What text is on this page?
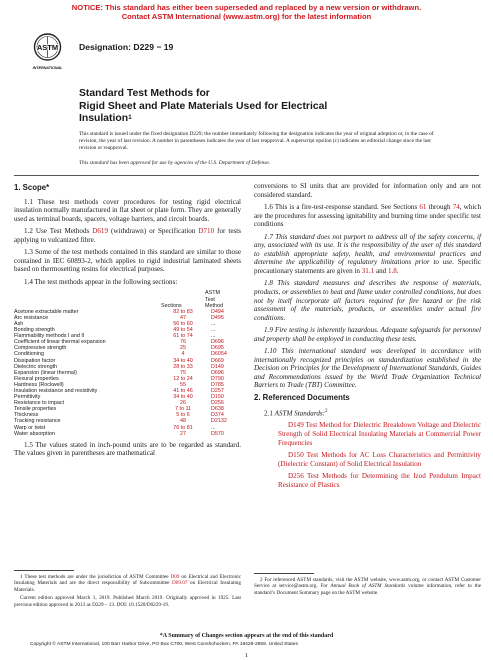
NOTICE: This standard has either been superseded and replaced by a new version or withdrawn.
Contact ASTM International (www.astm.org) for the latest information
ASTM
INTERNATIONAL
Designation: D229 − 19
Standard Test Methods for
Rigid Sheet and Plate Materials Used for Electrical
Insulation$^1$
This standard is issued under the fixed designation D229; the number immediately following the designation indicates the year of original adoption or, in the case of revision, the year of last revision. A number in parentheses indicates the year of last reapproval. A superscript epsilon (ε) indicates an editorial change since the last revision or reapproval.
This standard has been approved for use by agencies of the U.S. Department of Defense.
1. Scope*

1.1 These test methods cover procedures for testing rigid electrical insulation normally manufactured in flat sheet or plate form. They are generally used as terminal boards, spacers, voltage barriers, and circuit boards.

1.2 Use Test Methods D619 (withdrawn) or Specification D710 for tests applying to vulcanized fibre.

1.3 Some of the test methods contained in this standard are similar to those contained in IEC 60893-2, which applies to rigid industrial laminated sheets based on thermosetting resins for electrical purposes.

1.4 The test methods appear in the following sections:

		ASTM
		Test
	Sections	Method
Acetone extractable matter	82 to 83	D494
Arc resistance	47	D495
Ash	56 to 60	...
Bonding strength	49 to 54	...
Flammability methods I and II	61 to 74	...
Coefficient of linear thermal expansion	76	D696
Compressive strength	25	D695
Conditioning	4	D6054
Dissipation factor	34 to 40	D669
Dielectric strength	28 to 33	D149
Expansion (linear thermal)	75	D696
Flexural properties	12 to 24	D790
Hardness (Rockwell)	55	D785
Insulation resistance and resistivity	41 to 46	D257
Permittivity	34 to 40	D150
Resistance to impact	26	D256
Tensile properties	7 to 11	D638
Thickness	5 to 6	D374
Tracking resistance	48	D2132
Warp or twist	76 to 81	...
Water absorption	27	D570

1.5 The values stated in inch-pound units are to be regarded as standard. The values given in parentheses are mathematical

conversions to SI units that are provided for information only and are not considered standard.

1.6 This is a fire-test-response standard. See Sections 61 through 74, which are the procedures for assessing ignitability and burning time under specific test conditions

1.7 This standard does not purport to address all of the safety concerns, if any, associated with its use. It is the responsibility of the user of this standard to establish appropriate safety, health, and environmental practices and determine the applicability of regulatory limitations prior to use. Specific precautionary statements are given in 31.1 and 1.8.

1.8 This standard measures and describes the response of materials, products, or assemblies to heat and flame under controlled conditions, but does not by itself incorporate all factors required for fire hazard or fire risk assessment of the materials, products, or assemblies under actual fire conditions.

1.9 Fire testing is inherently hazardous. Adequate safeguards for personnel and property shall be employed in conducting these tests.

1.10 This international standard was developed in accordance with internationally recognized principles on standardization established in the Decision on Principles for the Development of International Standards, Guides and Recommendations issued by the World Trade Organization Technical Barriers to Trade (TBT) Committee.

2. Referenced Documents

2.1 ASTM Standards:$^2$

D149 Test Method for Dielectric Breakdown Voltage and Dielectric Strength of Solid Electrical Insulating Materials at Commercial Power Frequencies

D150 Test Methods for AC Loss Characteristics and Permittivity (Dielectric Constant) of Solid Electrical Insulation

D256 Test Methods for Determining the Izod Pendulum Impact Resistance of Plastics

1 These test methods are under the jurisdiction of ASTM Committee D09 on Electrical and Electronic Insulating Materials and are the direct responsibility of Subcommittee D09.07 on Electrical Insulating Materials.

Current edition approved March 1, 2019. Published March 2019. Originally approved in 1925. Last previous edition approved in 2013 as D229 – 13. DOI: 10.1520/D0229-19.

2 For referenced ASTM standards, visit the ASTM website, www.astm.org, or contact ASTM Customer Service at service@astm.org. For Annual Book of ASTM Standards volume information, refer to the standard’s Document Summary page on the ASTM website.

*A Summary of Changes section appears at the end of this standard
Copyright © ASTM International, 100 Barr Harbor Drive, PO Box C700, West Conshohocken, PA 19428-2959. United States
1
